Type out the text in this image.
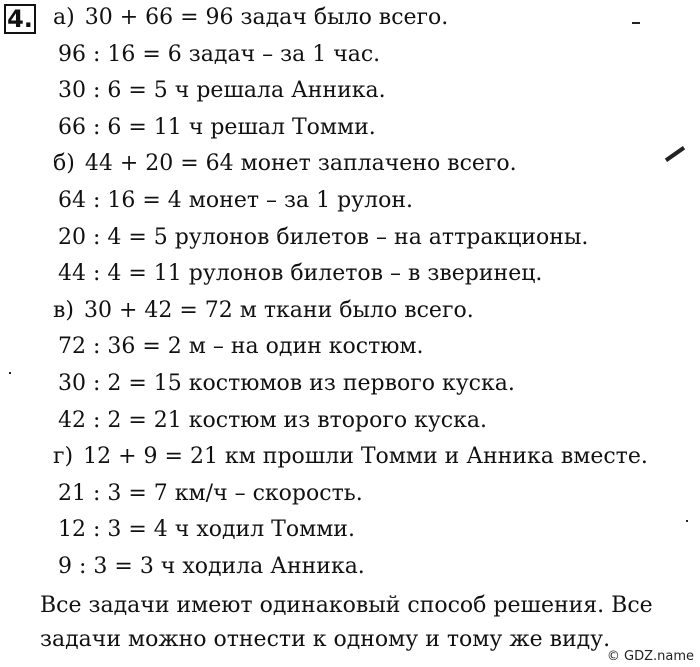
4. а) 30 + 66 = 96 задач было всего.
96 : 16 = 6 задач – за 1 час.
30 : 6 = 5 ч решала Анника.
66 : 6 = 11 ч решал Томми.
б) 44 + 20 = 64 монет заплачено всего.
64 : 16 = 4 монет – за 1 рулон.
20 : 4 = 5 рулонов билетов – на аттракционы.
44 : 4 = 11 рулонов билетов – в зверинец.
в) 30 + 42 = 72 м ткани было всего.
72 : 36 = 2 м – на один костюм.
30 : 2 = 15 костюмов из первого куска.
42 : 2 = 21 костюм из второго куска.
г) 12 + 9 = 21 км прошли Томми и Анника вместе.
21 : 3 = 7 км/ч – скорость.
12 : 3 = 4 ч ходил Томми.
9 : 3 = 3 ч ходила Анника.
Все задачи имеют одинаковый способ решения. Все
задачи можно отнести к одному и тому же виду.
© GDZ.name
